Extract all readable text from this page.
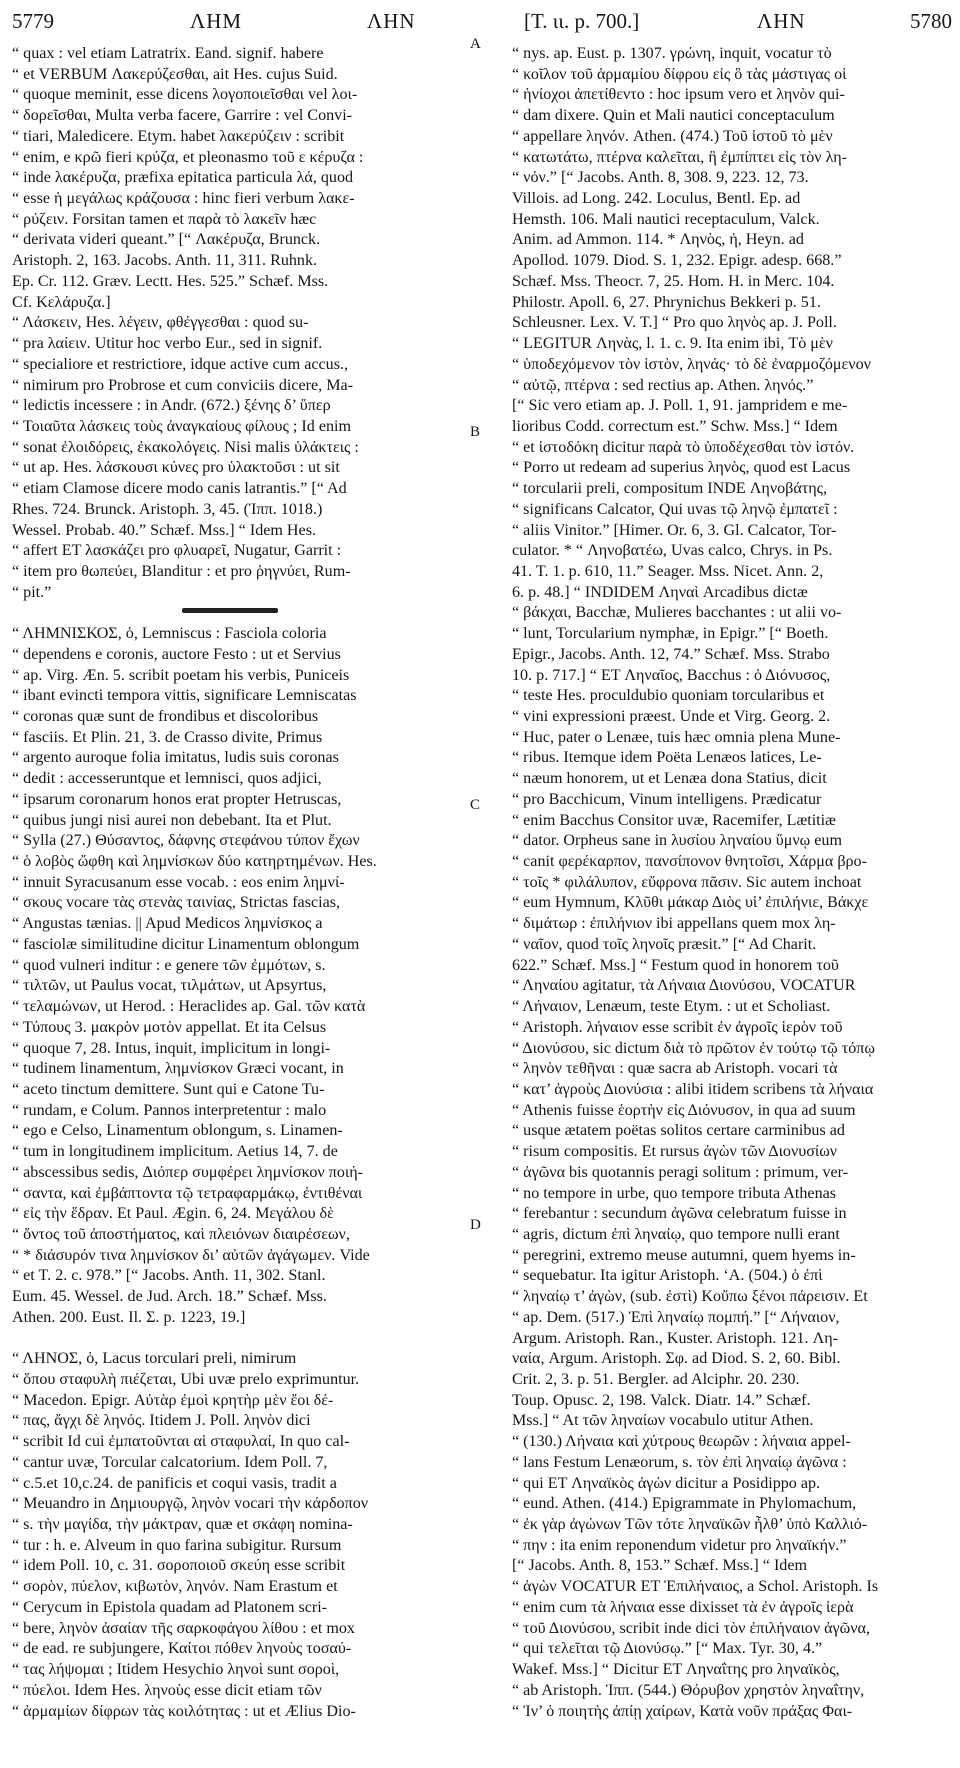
5779	ΛΗΜ	ΛΗΝ	[T. ιι. p. 700.]	ΛΗΝ	5780
“ quax : vel etiam Latratrix. Eand. signif. habere
“ et VERBUM Λακερύζεσθαι, ait Hes. cujus Suid.
“ quoque meminit, esse dicens λογοποιεῖσθαι vel λοι-
“ δορεῖσθαι, Multa verba facere, Garrire : vel Convi-
“ tiari, Maledicere. Etym. habet λακερύζειν : scribit
“ enim, e κρῶ fieri κρύζα, et pleonasmo τοῦ ε κέρυζα :
“ inde λακέρυζα, præfixa epitatica particula λά, quod
“ esse ἡ μεγάλως κράζουσα : hinc fieri verbum λακε-
“ ρύζειν. Forsitan tamen et παρὰ τὸ λακεῖν hæc
“ derivata videri queant.” [“ Λακέρυζα, Brunck.
Aristoph. 2, 163. Jacobs. Anth. 11, 311. Ruhnk.
Ep. Cr. 112. Græv. Lectt. Hes. 525.” Schæf. Mss.
Cf. Κελάρυζα.]
“ Λάσκειν, Hes. λέγειν, φθέγγεσθαι : quod su-
“ pra λαίειν. Utitur hoc verbo Eur., sed in signif.
“ specialiore et restrictiore, idque active cum accus.,
“ nimirum pro Probrose et cum conviciis dicere, Ma-
“ ledictis incessere : in Andr. (672.) ξένης δ’ ὕπερ
“ Τοιαῦτα λάσκεις τοὺς ἀναγκαίους φίλους ; Id enim
“ sonat ἐλοιδόρεις, ἐκακολόγεις. Nisi malis ὑλάκτεις :
“ ut ap. Hes. λάσκουσι κύνες pro ὑλακτοῦσι : ut sit
“ etiam Clamose dicere modo canis latrantis.” [“ Ad
Rhes. 724. Brunck. Aristoph. 3, 45. (Ἱππ. 1018.)
Wessel. Probab. 40.” Schæf. Mss.] “ Idem Hes.
“ affert ET λασκάζει pro φλυαρεῖ, Nugatur, Garrit :
“ item pro θωπεύει, Blanditur : et pro ῥηγνύει, Rum-
“ pit.”
“ ΛΗΜΝΙΣΚΟΣ, ὁ, Lemniscus : Fasciola coloria
“ dependens e coronis, auctore Festo : ut et Servius
“ ap. Virg. Æn. 5. scribit poetam his verbis, Puniceis
“ ibant evincti tempora vittis, significare Lemniscatas
“ coronas quæ sunt de frondibus et discoloribus
“ fasciis. Et Plin. 21, 3. de Crasso divite, Primus
“ argento auroque folia imitatus, ludis suis coronas
“ dedit : accesseruntque et lemnisci, quos adjici,
“ ipsarum coronarum honos erat propter Hetruscas,
“ quibus jungi nisi aurei non debebant. Ita et Plut.
“ Sylla (27.) Θύσαντος, δάφνης στεφάνου τύπον ἔχων
“ ὁ λοβὸς ὤφθη καὶ λημνίσκων δύο κατηρτημένων. Hes.
“ innuit Syracusanum esse vocab. : eos enim λημνί-
“ σκους vocare τὰς στενὰς ταινίας, Strictas fascias,
“ Angustas tænias. || Apud Medicos λημνίσκος a
“ fasciolæ similitudine dicitur Linamentum oblongum
“ quod vulneri inditur : e genere τῶν ἐμμότων, s.
“ τιλτῶν, ut Paulus vocat, τιλμάτων, ut Apsyrtus,
“ τελαμώνων, ut Herod. : Heraclides ap. Gal. τῶν κατὰ
“ Τύπους 3. μακρὸν μοτὸν appellat. Et ita Celsus
“ quoque 7, 28. Intus, inquit, implicitum in longi-
“ tudinem linamentum, λημνίσκον Græci vocant, in
“ aceto tinctum demittere. Sunt qui e Catone Tu-
“ rundam, e Colum. Pannos interpretentur : malo
“ ego e Celso, Linamentum oblongum, s. Linamen-
“ tum in longitudinem implicitum. Aetius 14, 7. de
“ abscessibus sedis, Διόπερ συμφέρει λημνίσκον ποιή-
“ σαντα, καὶ ἐμβάπτοντα τῷ τετραφαρμάκῳ, ἐντιθέναι
“ εἰς τὴν ἕδραν. Et Paul. Ægin. 6, 24. Μεγάλου δὲ
“ ὄντος τοῦ ἀποστήματος, καὶ πλειόνων διαιρέσεων,
“ * διάσυρόν τινα λημνίσκον δι’ αὐτῶν ἀγάγωμεν. Vide
“ et T. 2. c. 978.” [“ Jacobs. Anth. 11, 302. Stanl.
Eum. 45. Wessel. de Jud. Arch. 18.” Schæf. Mss.
Athen. 200. Eust. Il. Σ. p. 1223, 19.]
“ ΛΗΝΟΣ, ὁ, Lacus torculari preli, nimirum
“ ὅπου σταφυλὴ πιέζεται, Ubi uvæ prelo exprimuntur.
“ Macedon. Epigr. Αὐτὰρ ἐμοὶ κρητὴρ μὲν ἔοι δέ-
“ πας, ἄγχι δὲ ληνός. Itidem J. Poll. ληνὸν dici
“ scribit Id cui ἐμπατοῦνται αἱ σταφυλαί, In quo cal-
“ cantur uvæ, Torcular calcatorium. Idem Poll. 7,
“ c.5.et 10,c.24. de panificis et coqui vasis, tradit a
“ Meuandro in Δημιουργῷ, ληνὸν vocari τὴν κάρδοπον
“ s. τὴν μαγίδα, τὴν μάκτραν, quæ et σκάφη nomina-
“ tur : h. e. Alveum in quo farina subigitur. Rursum
“ idem Poll. 10, c. 31. σοροποιοῦ σκεύη esse scribit
“ σορὸν, πύελον, κιβωτὸν, ληνόν. Nam Erastum et
“ Cerycum in Epistola quadam ad Platonem scri-
“ bere, ληνὸν ἀσαίαν τῆς σαρκοφάγου λίθου : et mox
“ de ead. re subjungere, Καίτοι πόθεν ληνοὺς τοσαύ-
“ τας λήψομαι ; Itidem Hesychio ληνοὶ sunt σοροὶ,
“ πύελοι. Idem Hes. ληνοὺς esse dicit etiam τῶν
“ ἀρμαμίων δίφρων τὰς κοιλότητας : ut et Ælius Dio-
“ nys. ap. Eust. p. 1307. γρώνη, inquit, vocatur τὸ
“ κοῖλον τοῦ ἁρμαμίου δίφρου εἰς ὃ τὰς μάστιγας οἱ
“ ἡνίοχοι ἀπετίθεντο : hoc ipsum vero et ληνὸν qui-
“ dam dixere. Quin et Mali nautici conceptaculum
“ appellare ληνόν. Athen. (474.) Τοῦ ἱστοῦ τὸ μὲν
“ κατωτάτω, πτέρνα καλεῖται, ἣ ἐμπίπτει εἰς τὸν λη-
“ νόν.” [“ Jacobs. Anth. 8, 308. 9, 223. 12, 73.
Villois. ad Long. 242. Loculus, Bentl. Ep. ad
Hemsth. 106. Mali nautici receptaculum, Valck.
Anim. ad Ammon. 114. * Ληνὸς, ἡ, Heyn. ad
Apollod. 1079. Diod. S. 1, 232. Epigr. adesp. 668.”
Schæf. Mss. Theocr. 7, 25. Hom. H. in Merc. 104.
Philostr. Apoll. 6, 27. Phrynichus Bekkeri p. 51.
Schleusner. Lex. V. T.] “ Pro quo ληνὸς ap. J. Poll.
“ LEGITUR Ληνὰς, l. 1. c. 9. Ita enim ibi, Τὸ μὲν
“ ὑποδεχόμενον τὸν ἱστὸν, ληνάς· τὸ δὲ ἐναρμοζόμενον
“ αὐτῷ, πτέρνα : sed rectius ap. Athen. ληνός.”
[“ Sic vero etiam ap. J. Poll. 1, 91. jampridem e me-
lioribus Codd. correctum est.” Schw. Mss.] “ Idem
“ et ἱστοδόκη dicitur παρὰ τὸ ὑποδέχεσθαι τὸν ἱστόν.
“ Porro ut redeam ad superius ληνὸς, quod est Lacus
“ torcularii preli, compositum INDE Ληνοβάτης,
“ significans Calcator, Qui uvas τῷ ληνῷ ἐμπατεῖ :
“ aliis Vinitor.” [Himer. Or. 6, 3. Gl. Calcator, Tor-
culator. * “ Ληνοβατέω, Uvas calco, Chrys. in Ps.
41. T. 1. p. 610, 11.” Seager. Mss. Nicet. Ann. 2,
6. p. 48.] “ INDIDEM Ληναὶ Arcadibus dictæ
“ βάκχαι, Bacchæ, Mulieres bacchantes : ut alii vo-
“ lunt, Torcularium nymphæ, in Epigr.” [“ Boeth.
Epigr., Jacobs. Anth. 12, 74.” Schæf. Mss. Strabo
10. p. 717.] “ ET Ληναῖος, Bacchus : ὁ Διόνυσος,
“ teste Hes. proculdubio quoniam torcularibus et
“ vini expressioni præest. Unde et Virg. Georg. 2.
“ Huc, pater o Lenæe, tuis hæc omnia plena Mune-
“ ribus. Itemque idem Poëta Lenæos latices, Le-
“ næum honorem, ut et Lenæa dona Statius, dicit
“ pro Bacchicum, Vinum intelligens. Prædicatur
“ enim Bacchus Consitor uvæ, Racemifer, Lætitiæ
“ dator. Orpheus sane in λυσίου ληναίου ὕμνῳ eum
“ canit φερέκαρπον, πανσίπονον θνητοῖσι, Χάρμα βρο-
“ τοῖς * φιλάλυπον, εὔφρονα πᾶσιν. Sic autem inchoat
“ eum Hymnum, Κλῦθι μάκαρ Διὸς υἱ’ ἐπιλήνιε, Βάκχε
“ διμάτωρ : ἐπιλήνιον ibi appellans quem mox λη-
“ ναῖον, quod τοῖς ληνοῖς præsit.” [“ Ad Charit.
622.” Schæf. Mss.] “ Festum quod in honorem τοῦ
“ Ληναίου agitatur, τὰ Λήναια Διονύσου, VOCATUR
“ Λήναιον, Lenæum, teste Etym. : ut et Scholiast.
“ Aristoph. λήναιον esse scribit ἐν ἀγροῖς ἱερὸν τοῦ
“ Διονύσου, sic dictum διὰ τὸ πρῶτον ἐν τούτῳ τῷ τόπῳ
“ ληνὸν τεθῆναι : quæ sacra ab Aristoph. vocari τὰ
“ κατ’ ἀγροὺς Διονύσια : alibi itidem scribens τὰ λήναια
“ Athenis fuisse ἑορτὴν εἰς Διόνυσον, in qua ad suum
“ usque ætatem poëtas solitos certare carminibus ad
“ risum compositis. Et rursus ἀγὼν τῶν Διονυσίων
“ ἀγῶνα bis quotannis peragi solitum : primum, ver-
“ no tempore in urbe, quo tempore tributa Athenas
“ ferebantur : secundum ἀγῶνα celebratum fuisse in
“ agris, dictum ἐπὶ ληναίῳ, quo tempore nulli erant
“ peregrini, extremo meuse autumni, quem hyems in-
“ sequebatur. Ita igitur Aristoph. ‘Α. (504.) ὁ ἐπὶ
“ ληναίῳ τ’ ἀγὼν, (sub. ἐστὶ) Κοὔπω ξένοι πάρεισιν. Et
“ ap. Dem. (517.) Ἐπὶ ληναίῳ πομπή.” [“ Λήναιον,
Argum. Aristoph. Ran., Kuster. Aristoph. 121. Λη-
ναία, Argum. Aristoph. Σφ. ad Diod. S. 2, 60. Bibl.
Crit. 2, 3. p. 51. Bergler. ad Alciphr. 20. 230.
Toup. Opusc. 2, 198. Valck. Diatr. 14.” Schæf.
Mss.] “ At τῶν ληναίων vocabulo utitur Athen.
“ (130.) Λήναια καὶ χύτρους θεωρῶν : λήναια appel-
“ lans Festum Lenæorum, s. τὸν ἐπὶ ληναίῳ ἀγῶνα :
“ qui ET Ληναϊκὸς ἀγὼν dicitur a Posidippo ap.
“ eund. Athen. (414.) Epigrammate in Phylomachum,
“ ἐκ γὰρ ἀγώνων Τῶν τότε ληναϊκῶν ἦλθ’ ὑπὸ Καλλιό-
“ πην : ita enim reponendum videtur pro ληναϊκήν.”
[“ Jacobs. Anth. 8, 153.” Schæf. Mss.] “ Idem
“ ἀγὼν VOCATUR ET Ἐπιλήναιος, a Schol. Aristoph. Is
“ enim cum τὰ λήναια esse dixisset τὰ ἐν ἀγροῖς ἱερὰ
“ τοῦ Διονύσου, scribit inde dici τὸν ἐπιλήναιον ἀγῶνα,
“ qui τελεῖται τῷ Διονύσῳ.” [“ Max. Tyr. 30, 4.”
Wakef. Mss.] “ Dicitur ET Ληναΐτης pro ληναϊκὸς,
“ ab Aristoph. Ἱππ. (544.) Θόρυβον χρηστὸν ληναΐτην,
“ Ἰν’ ὁ ποιητὴς ἀπίῃ χαίρων, Κατὰ νοῦν πράξας Φαι-
A
B
C
D
